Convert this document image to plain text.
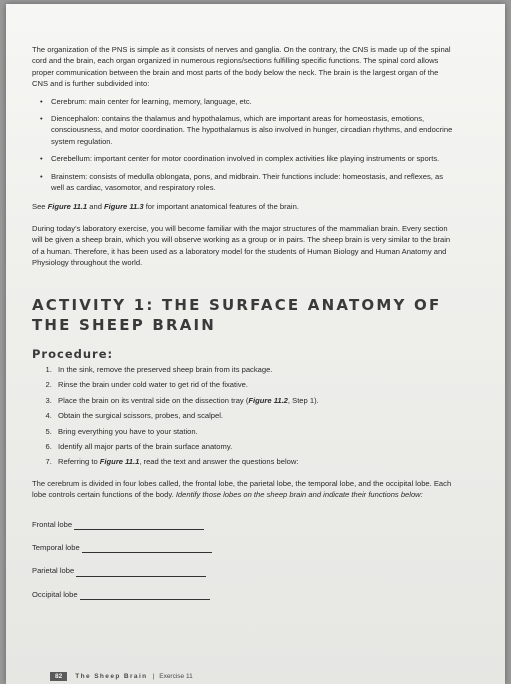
The organization of the PNS is simple as it consists of nerves and ganglia. On the contrary, the CNS is made up of the spinal cord and the brain, each organ organized in numerous regions/sections fulfilling specific functions. The spinal cord allows proper communication between the brain and most parts of the body below the neck. The brain is the largest organ of the CNS and is further subdivided into:

• Cerebrum: main center for learning, memory, language, etc.
• Diencephalon: contains the thalamus and hypothalamus, which are important areas for homeostasis, emotions, consciousness, and motor coordination. The hypothalamus is also involved in hunger, circadian rhythms, and endocrine system regulation.
• Cerebellum: important center for motor coordination involved in complex activities like playing instruments or sports.
• Brainstem: consists of medulla oblongata, pons, and midbrain. Their functions include: homeostasis, and reflexes, as well as cardiac, vasomotor, and respiratory roles.

See Figure 11.1 and Figure 11.3 for important anatomical features of the brain.

During today’s laboratory exercise, you will become familiar with the major structures of the mammalian brain. Every section will be given a sheep brain, which you will observe working as a group or in pairs. The sheep brain is very similar to the brain of a human. Therefore, it has been used as a laboratory model for the students of Human Biology and Human Anatomy and Physiology throughout the world.

ACTIVITY 1: THE SURFACE ANATOMY OF THE SHEEP BRAIN
Procedure:
1. In the sink, remove the preserved sheep brain from its package.
2. Rinse the brain under cold water to get rid of the fixative.
3. Place the brain on its ventral side on the dissection tray (Figure 11.2, Step 1).
4. Obtain the surgical scissors, probes, and scalpel.
5. Bring everything you have to your station.
6. Identify all major parts of the brain surface anatomy.
7. Referring to Figure 11.1, read the text and answer the questions below:

The cerebrum is divided in four lobes called, the frontal lobe, the parietal lobe, the temporal lobe, and the occipital lobe. Each lobe controls certain functions of the body. Identify those lobes on the sheep brain and indicate their functions below:

Frontal lobe
Temporal lobe
Parietal lobe
Occipital lobe
82	The Sheep Brain | Exercise 11
